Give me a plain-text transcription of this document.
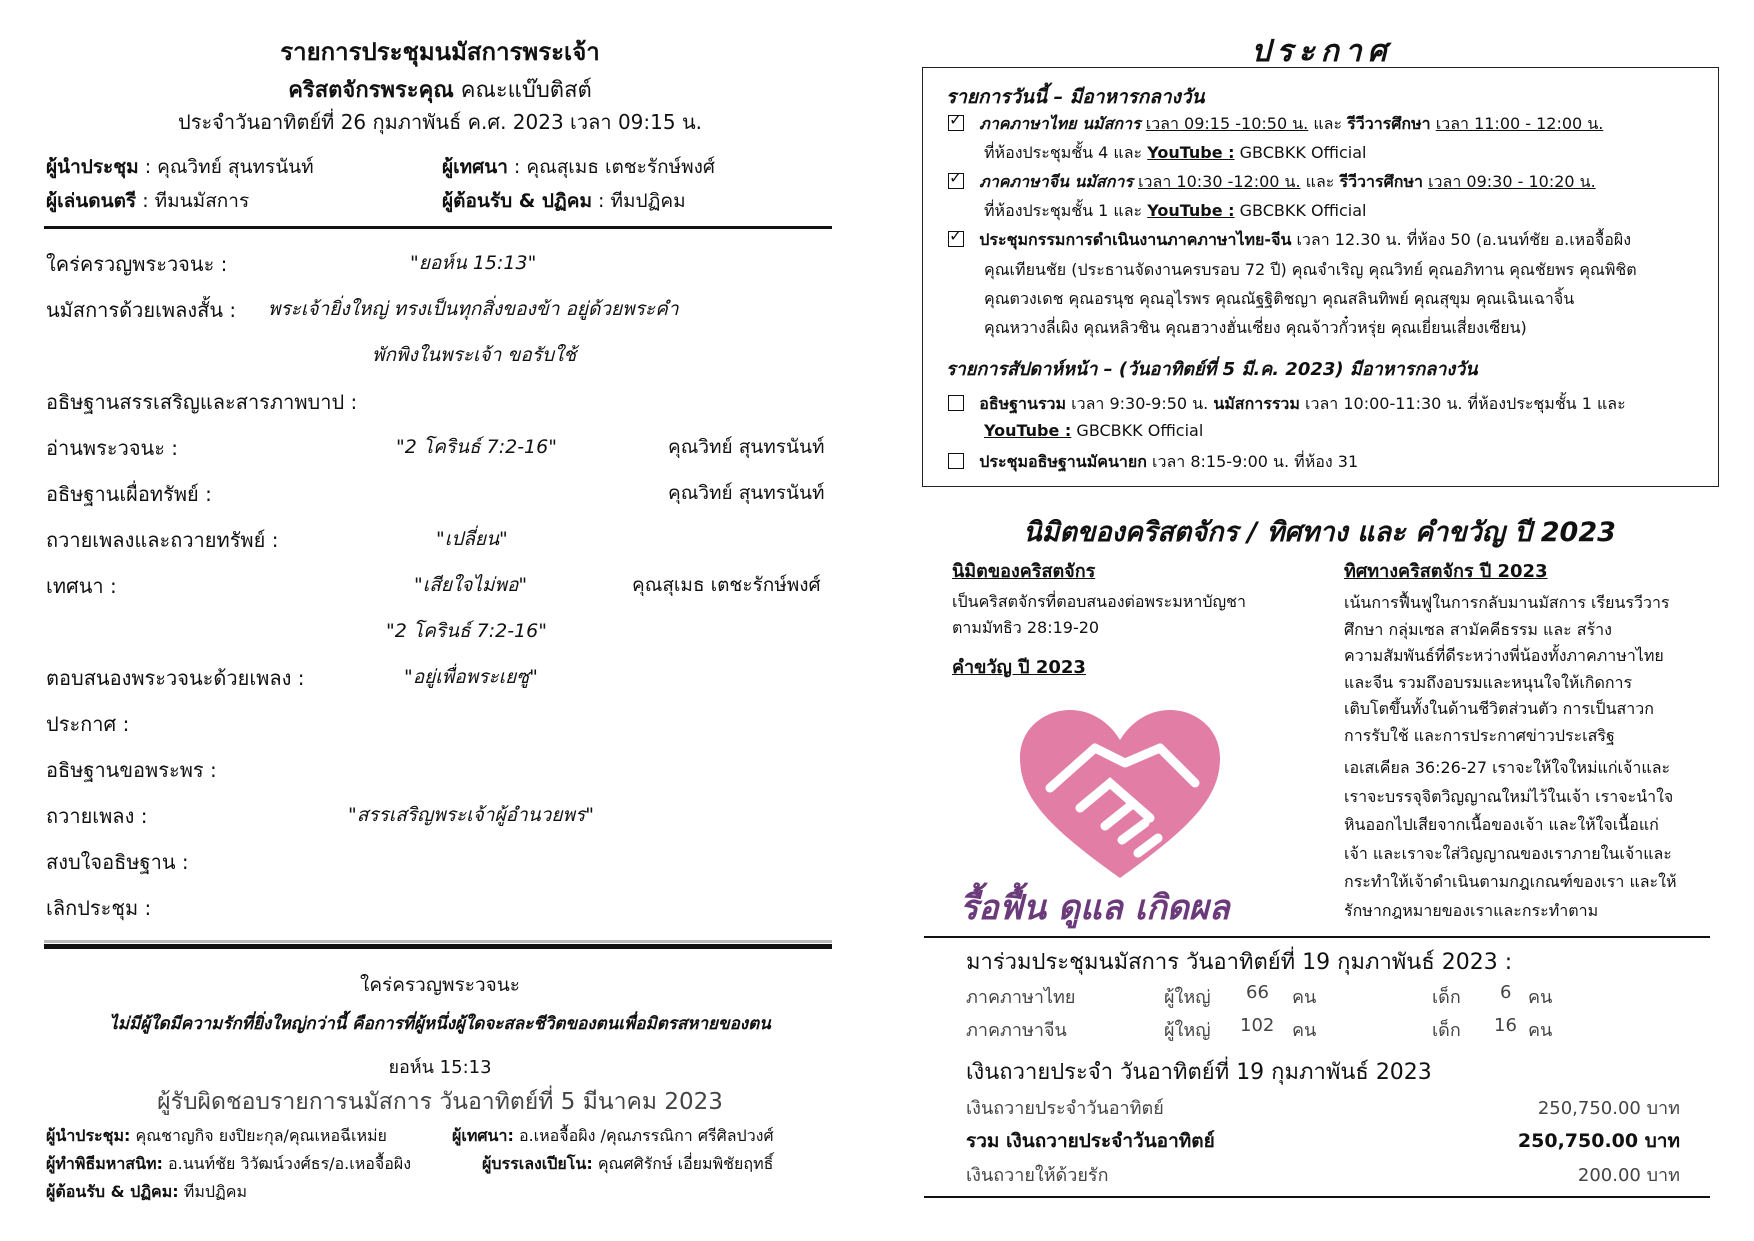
รายการประชุมนมัสการพระเจ้า
คริสตจักรพระคุณ คณะแบ๊บติสต์
ประจำวันอาทิตย์ที่ 26 กุมภาพันธ์ ค.ศ. 2023 เวลา 09:15 น.
ผู้นำประชุม : คุณวิทย์ สุนทรนันท์	ผู้เทศนา : คุณสุเมธ เตชะรักษ์พงศ์
ผู้เล่นดนตรี : ทีมนมัสการ	ผู้ต้อนรับ & ปฏิคม : ทีมปฏิคม
ใคร่ครวญพระวจนะ :	"ยอห์น 15:13"
นมัสการด้วยเพลงสั้น : พระเจ้ายิ่งใหญ่ ทรงเป็นทุกสิ่งของข้า อยู่ด้วยพระคำ
พักพิงในพระเจ้า ขอรับใช้
อธิษฐานสรรเสริญและสารภาพบาป :
อ่านพระวจนะ :	"2 โครินธ์ 7:2-16"	คุณวิทย์ สุนทรนันท์
อธิษฐานเผื่อทรัพย์ :	คุณวิทย์ สุนทรนันท์
ถวายเพลงและถวายทรัพย์ :	"เปลี่ยน"
เทศนา :	"เสียใจไม่พอ"	คุณสุเมธ เตชะรักษ์พงศ์
"2 โครินธ์ 7:2-16"
ตอบสนองพระวจนะด้วยเพลง :	"อยู่เพื่อพระเยซู"
ประกาศ :
อธิษฐานขอพระพร :
ถวายเพลง :	"สรรเสริญพระเจ้าผู้อำนวยพร"
สงบใจอธิษฐาน :
เลิกประชุม :
ใคร่ครวญพระวจนะ
ไม่มีผู้ใดมีความรักที่ยิ่งใหญ่กว่านี้ คือการที่ผู้หนึ่งผู้ใดจะสละชีวิตของตนเพื่อมิตรสหายของตน
ยอห์น 15:13
ผู้รับผิดชอบรายการนมัสการ วันอาทิตย์ที่ 5 มีนาคม 2023
ผู้นำประชุม: คุณชาญกิจ ยงปิยะกุล/คุณเหอฉีเหม่ย	ผู้เทศนา: อ.เหอจื้อผิง /คุณภรรณิกา ศรีศิลปวงศ์
ผู้ทำพิธีมหาสนิท: อ.นนท์ชัย วิวัฒน์วงศ์ธร/อ.เหอจื้อผิง	ผู้บรรเลงเปียโน: คุณศศิรักษ์ เอี่ยมพิชัยฤทธิ์
ผู้ต้อนรับ & ปฏิคม: ทีมปฏิคม
ประกาศ
รายการวันนี้ – มีอาหารกลางวัน
✓   ภาคภาษาไทย นมัสการ เวลา 09:15 -10:50 น. และ รีวีวารศึกษา เวลา 11:00 - 12:00 น.
ที่ห้องประชุมชั้น 4 และ YouTube : GBCBKK Official
✓   ภาคภาษาจีน นมัสการ เวลา 10:30 -12:00 น. และ รีวีวารศึกษา เวลา 09:30 - 10:20 น.
ที่ห้องประชุมชั้น 1 และ YouTube : GBCBKK Official
✓   ประชุมกรรมการดำเนินงานภาคภาษาไทย-จีน เวลา 12.30 น. ที่ห้อง 50 (อ.นนท์ชัย อ.เหอจื้อผิง
คุณเทียนชัย (ประธานจัดงานครบรอบ 72 ปี) คุณจำเริญ คุณวิทย์ คุณอภิทาน คุณชัยพร คุณพิชิต
คุณตวงเดช คุณอรนุช คุณอุไรพร คุณณัฐฐิติชญา คุณสลินทิพย์ คุณสุขุม คุณเฉินเฉาจิ้น
คุณหวางลี่เผิง คุณหลิวชิน คุณฮวางฮั่นเซี่ยง คุณจ้าวกั๋วหรุ่ย คุณเยี่ยนเสี่ยงเซียน)
รายการสัปดาห์หน้า – (วันอาทิตย์ที่ 5 มี.ค. 2023) มีอาหารกลางวัน
อธิษฐานรวม เวลา 9:30-9:50 น. นมัสการรวม เวลา 10:00-11:30 น. ที่ห้องประชุมชั้น 1 และ
YouTube : GBCBKK Official
ประชุมอธิษฐานมัคนายก เวลา 8:15-9:00 น. ที่ห้อง 31
นิมิตของคริสตจักร / ทิศทาง และ คำขวัญ ปี 2023
นิมิตของคริสตจักร
เป็นคริสตจักรที่ตอบสนองต่อพระมหาบัญชา
ตามมัทธิว 28:19-20
คำขวัญ ปี 2023
รื้อฟื้น ดูแล เกิดผล
ทิศทางคริสตจักร ปี 2023
เน้นการฟื้นฟูในการกลับมานมัสการ เรียนรวีวาร
ศึกษา กลุ่มเซล สามัคคีธรรม และ สร้าง
ความสัมพันธ์ที่ดีระหว่างพี่น้องทั้งภาคภาษาไทย
และจีน รวมถึงอบรมและหนุนใจให้เกิดการ
เติบโตขึ้นทั้งในด้านชีวิตส่วนตัว การเป็นสาวก
การรับใช้ และการประกาศข่าวประเสริฐ
เอเสเคียล 36:26-27 เราจะให้ใจใหม่แก่เจ้าและ
เราจะบรรจุจิตวิญญาณใหม่ไว้ในเจ้า เราจะนำใจ
หินออกไปเสียจากเนื้อของเจ้า และให้ใจเนื้อแก่
เจ้า และเราจะใส่วิญญาณของเราภายในเจ้าและ
กระทำให้เจ้าดำเนินตามกฎเกณฑ์ของเรา และให้
รักษากฎหมายของเราและกระทำตาม
มาร่วมประชุมนมัสการ วันอาทิตย์ที่ 19 กุมภาพันธ์ 2023 :
ภาคภาษาไทย	ผู้ใหญ่ 66 คน	เด็ก 6 คน
ภาคภาษาจีน	ผู้ใหญ่ 102 คน	เด็ก 16 คน
เงินถวายประจำ วันอาทิตย์ที่ 19 กุมภาพันธ์ 2023
เงินถวายประจำวันอาทิตย์	250,750.00 บาท
รวม เงินถวายประจำวันอาทิตย์	250,750.00 บาท
เงินถวายให้ด้วยรัก	200.00 บาท
